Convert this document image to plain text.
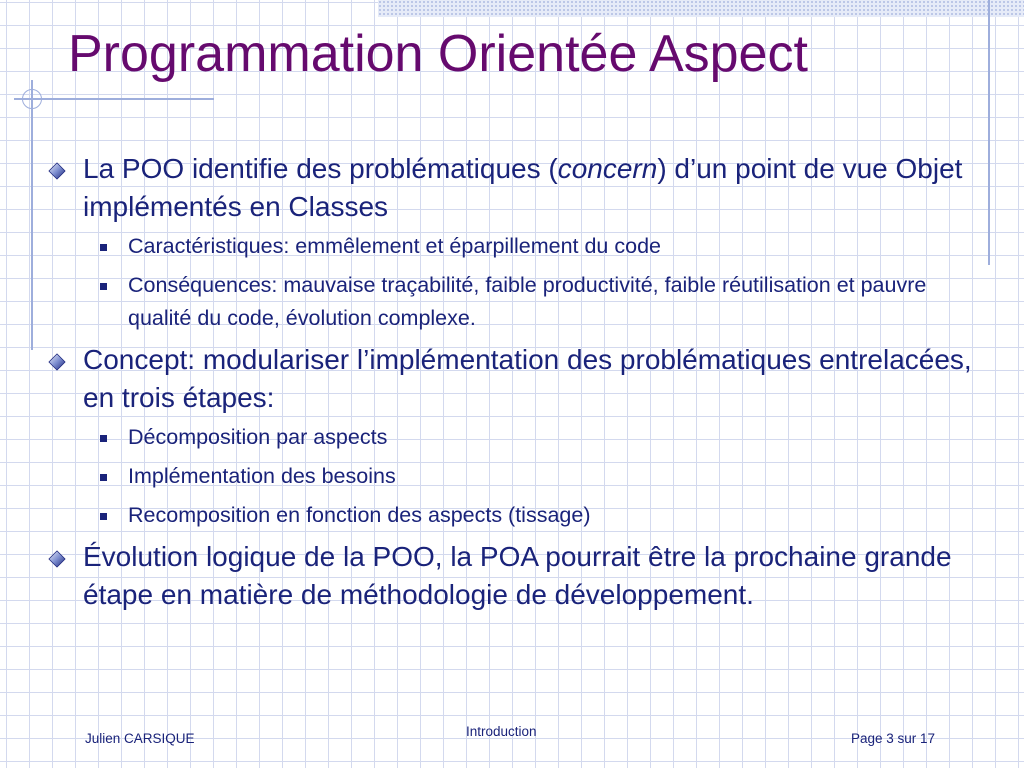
Programmation Orientée Aspect

La POO identifie des problématiques (concern) d’un point de vue Objet implémentés en Classes

Caractéristiques: emmêlement et éparpillement du code

Conséquences: mauvaise traçabilité, faible productivité, faible réutilisation et pauvre qualité du code, évolution complexe.

Concept: modulariser l’implémentation des problématiques entrelacées, en trois étapes:

Décomposition par aspects

Implémentation des besoins

Recomposition en fonction des aspects (tissage)

Évolution logique de la POO, la POA pourrait être la prochaine grande étape en matière de méthodologie de développement.

Julien CARSIQUE	Introduction	Page 3 sur 17
